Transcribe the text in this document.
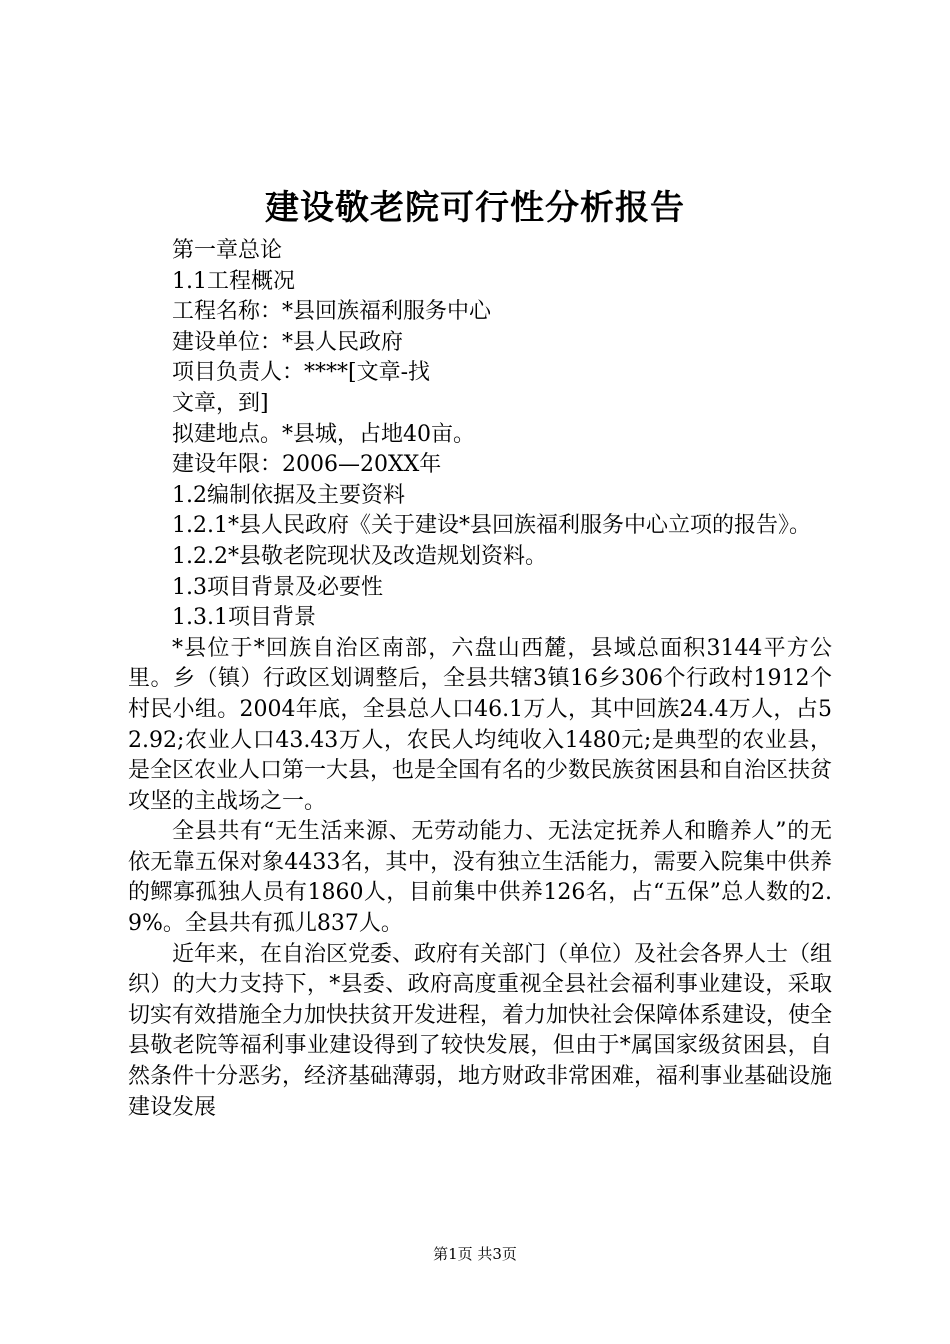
建设敬老院可行性分析报告

第一章总论

1.1工程概况

工程名称：*县回族福利服务中心

建设单位：*县人民政府

项目负责人：****[文章-找

文章，到]

拟建地点。*县城，占地40亩。

建设年限：2006—20XX年

1.2编制依据及主要资料

1.2.1*县人民政府《关于建设*县回族福利服务中心立项的报告》。

1.2.2*县敬老院现状及改造规划资料。

1.3项目背景及必要性

1.3.1项目背景

*县位于*回族自治区南部，六盘山西麓，县域总面积3144平方公里。乡（镇）行政区划调整后，全县共辖3镇16乡306个行政村1912个村民小组。2004年底，全县总人口46.1万人，其中回族24.4万人，占52.92;农业人口43.43万人，农民人均纯收入1480元;是典型的农业县，是全区农业人口第一大县，也是全国有名的少数民族贫困县和自治区扶贫攻坚的主战场之一。

全县共有“无生活来源、无劳动能力、无法定抚养人和瞻养人”的无依无靠五保对象4433名，其中，没有独立生活能力，需要入院集中供养的鳏寡孤独人员有1860人，目前集中供养126名，占“五保”总人数的2.9%。全县共有孤儿837人。

近年来，在自治区党委、政府有关部门（单位）及社会各界人士（组织）的大力支持下，*县委、政府高度重视全县社会福利事业建设，采取切实有效措施全力加快扶贫开发进程，着力加快社会保障体系建设，使全县敬老院等福利事业建设得到了较快发展，但由于*属国家级贫困县，自然条件十分恶劣，经济基础薄弱，地方财政非常困难，福利事业基础设施建设发展

第1页 共3页
